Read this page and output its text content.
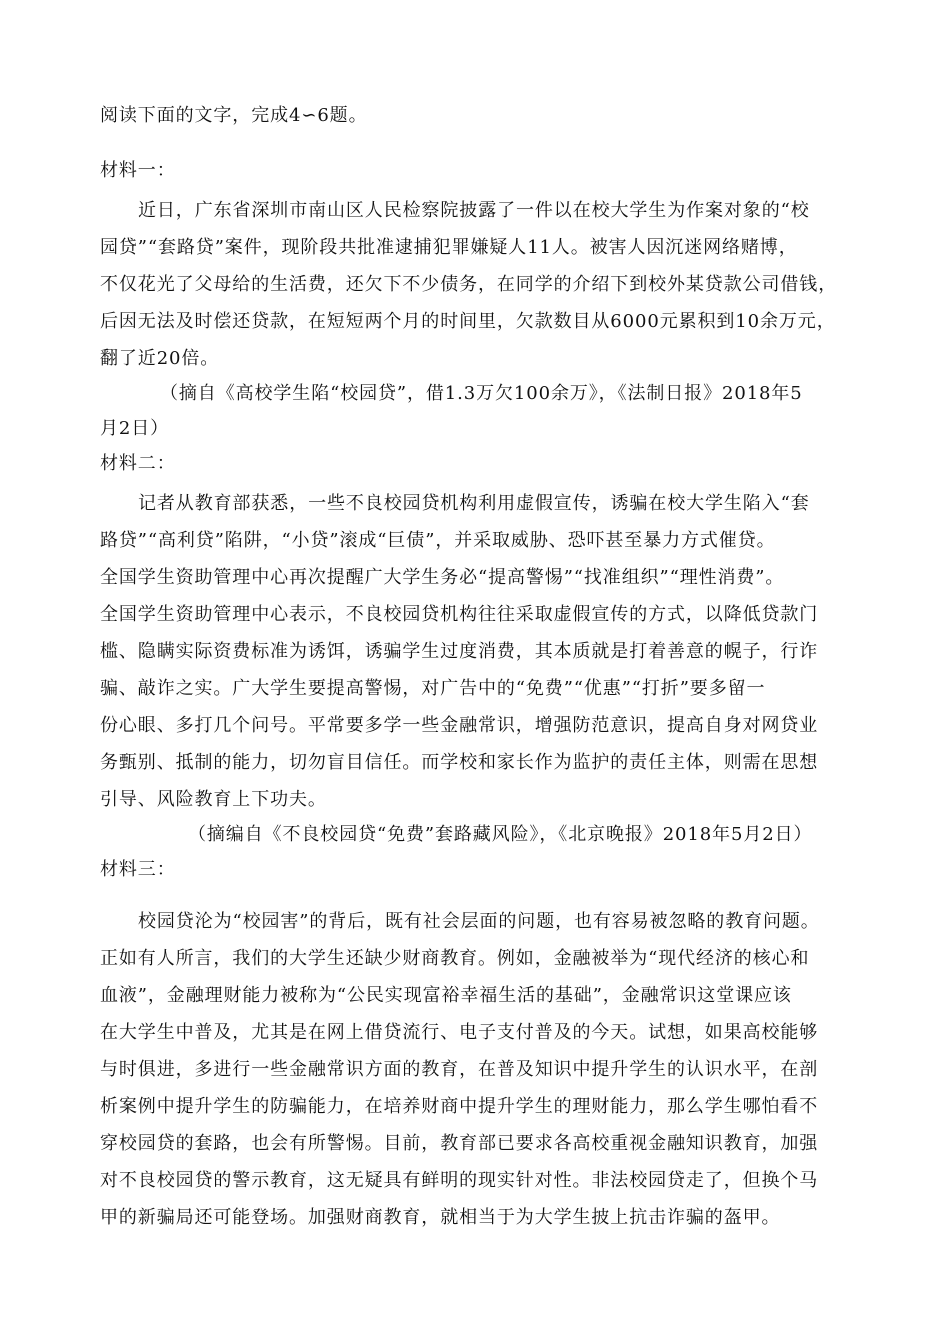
阅读下面的文字，完成4∽6题。
材料一：
近日，广东省深圳市南山区人民检察院披露了一件以在校大学生为作案对象的“校
园贷”“套路贷”案件，现阶段共批准逮捕犯罪嫌疑人11人。被害人因沉迷网络赌博，
不仅花光了父母给的生活费，还欠下不少债务，在同学的介绍下到校外某贷款公司借钱，
后因无法及时偿还贷款，在短短两个月的时间里，欠款数目从6000元累积到10余万元，
翻了近20倍。
（摘自《高校学生陷“校园贷”，借1.3万欠100余万》，《法制日报》2018年5
月2日）
材料二：
记者从教育部获悉，一些不良校园贷机构利用虚假宣传，诱骗在校大学生陷入“套
路贷”“高利贷”陷阱，“小贷”滚成“巨债”，并采取威胁、恐吓甚至暴力方式催贷。
全国学生资助管理中心再次提醒广大学生务必“提高警惕”“找准组织”“理性消费”。
全国学生资助管理中心表示，不良校园贷机构往往采取虚假宣传的方式，以降低贷款门
槛、隐瞒实际资费标准为诱饵，诱骗学生过度消费，其本质就是打着善意的幌子，行诈
骗、敲诈之实。广大学生要提高警惕，对广告中的“免费”“优惠”“打折”要多留一
份心眼、多打几个问号。平常要多学一些金融常识，增强防范意识，提高自身对网贷业
务甄别、抵制的能力，切勿盲目信任。而学校和家长作为监护的责任主体，则需在思想
引导、风险教育上下功夫。
（摘编自《不良校园贷“免费”套路藏风险》，《北京晚报》2018年5月2日）
材料三：
校园贷沦为“校园害”的背后，既有社会层面的问题，也有容易被忽略的教育问题。
正如有人所言，我们的大学生还缺少财商教育。例如，金融被举为“现代经济的核心和
血液”，金融理财能力被称为“公民实现富裕幸福生活的基础”，金融常识这堂课应该
在大学生中普及，尤其是在网上借贷流行、电子支付普及的今天。试想，如果高校能够
与时俱进，多进行一些金融常识方面的教育，在普及知识中提升学生的认识水平，在剖
析案例中提升学生的防骗能力，在培养财商中提升学生的理财能力，那么学生哪怕看不
穿校园贷的套路，也会有所警惕。目前，教育部已要求各高校重视金融知识教育，加强
对不良校园贷的警示教育，这无疑具有鲜明的现实针对性。非法校园贷走了，但换个马
甲的新骗局还可能登场。加强财商教育，就相当于为大学生披上抗击诈骗的盔甲。
